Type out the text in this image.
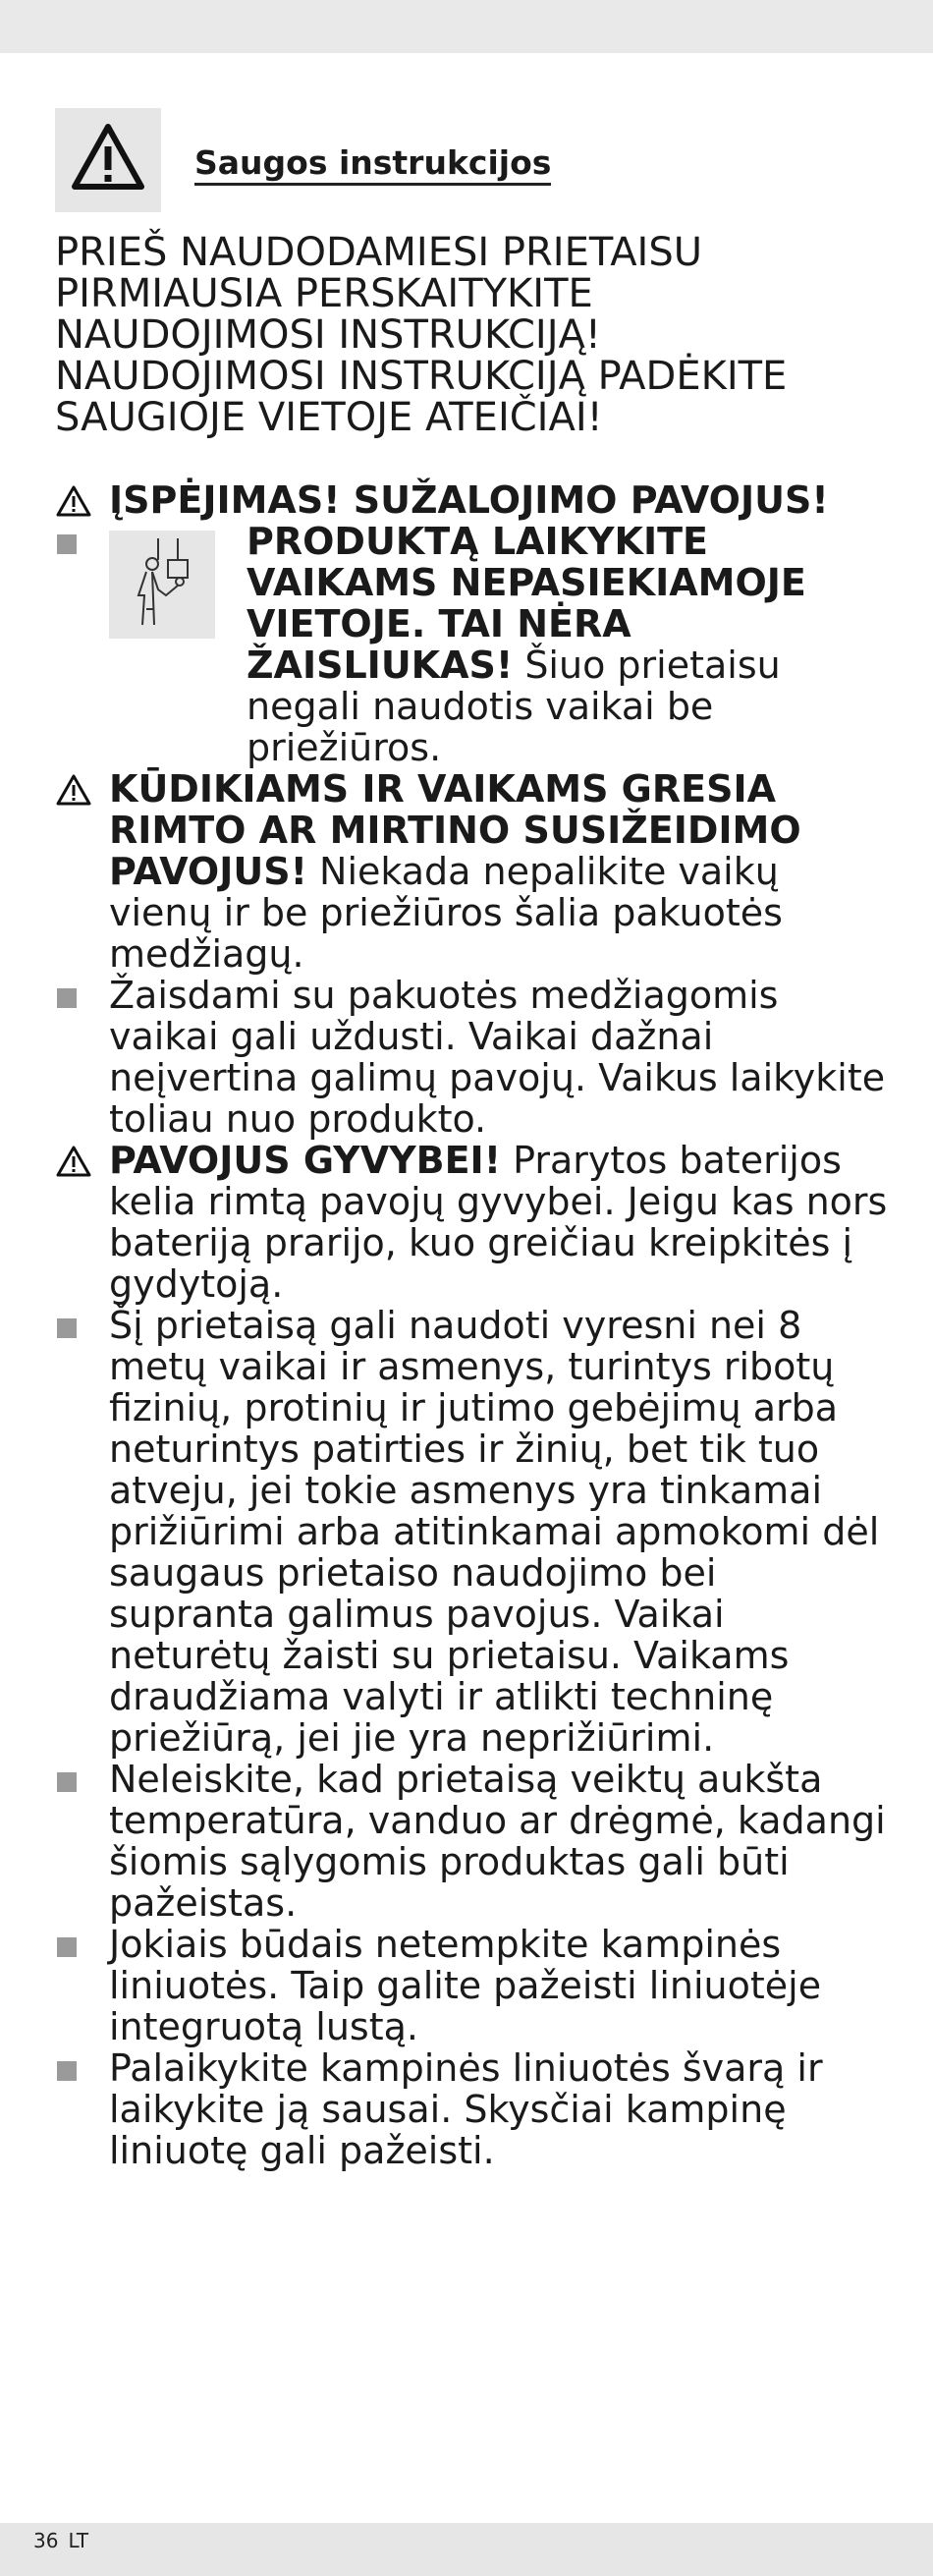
Saugos instrukcijos
PRIEŠ NAUDODAMIESI PRIETAISU
PIRMIAUSIA PERSKAITYKITE
NAUDOJIMOSI INSTRUKCIJĄ!
NAUDOJIMOSI INSTRUKCIJĄ PADĖKITE
SAUGIOJE VIETOJE ATEIČIAI!
ĮSPĖJIMAS! SUŽALOJIMO PAVOJUS!
PRODUKTĄ LAIKYKITE VAIKAMS NEPASIEKIAMOJE VIETOJE. TAI NĖRA ŽAISLIUKAS! Šiuo prietaisu negali naudotis vaikai be priežiūros.
KŪDIKIAMS IR VAIKAMS GRESIA RIMTO AR MIRTINO SUSIŽEIDIMO PAVOJUS! Niekada nepalikite vaikų vienų ir be priežiūros šalia pakuotės medžiagų.
Žaisdami su pakuotės medžiagomis vaikai gali uždusti. Vaikai dažnai neįvertina galimų pavojų. Vaikus laikykite toliau nuo produkto.
PAVOJUS GYVYBEI! Prarytos baterijos kelia rimtą pavojų gyvybei. Jeigu kas nors bateriją prarijo, kuo greičiau kreipkitės į gydytoją.
Šį prietaisą gali naudoti vyresni nei 8 metų vaikai ir asmenys, turintys ribotų fizinių, protinių ir jutimo gebėjimų arba neturintys patirties ir žinių, bet tik tuo atveju, jei tokie asmenys yra tinkamai prižiūrimi arba atitinkamai apmokomi dėl saugaus prietaiso naudojimo bei supranta galimus pavojus. Vaikai neturėtų žaisti su prietaisu. Vaikams draudžiama valyti ir atlikti techninę priežiūrą, jei jie yra neprižiūrimi.
Neleiskite, kad prietaisą veiktų aukšta temperatūra, vanduo ar drėgmė, kadangi šiomis sąlygomis produktas gali būti pažeistas.
Jokiais būdais netempkite kampinės liniuotės. Taip galite pažeisti liniuotėje integruotą lustą.
Palaikykite kampinės liniuotės švarą ir laikykite ją sausai. Skysčiai kampinę liniuotę gali pažeisti.
36 LT
